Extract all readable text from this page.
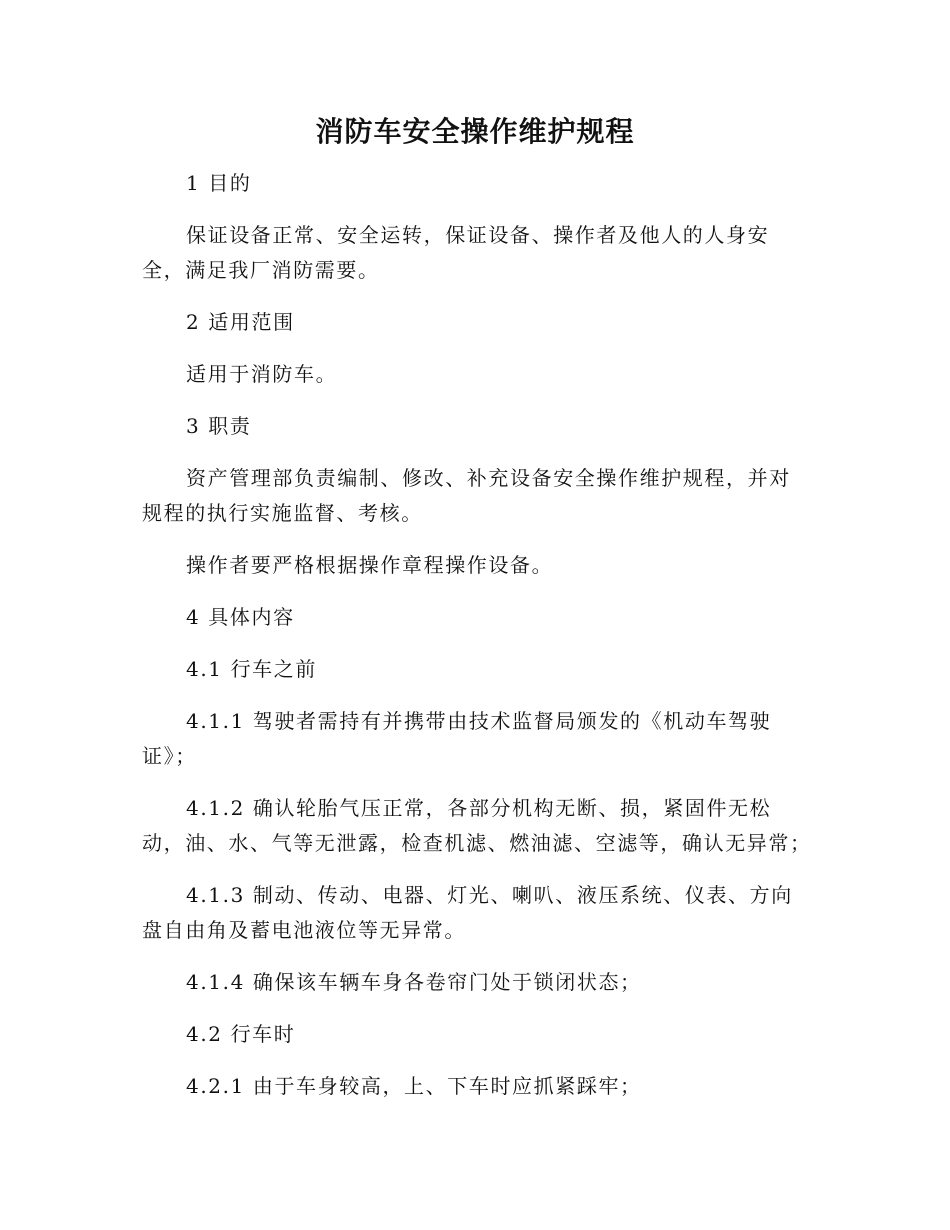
消防车安全操作维护规程

1 目的

保证设备正常、安全运转，保证设备、操作者及他人的人身安全，满足我厂消防需要。

2 适用范围

适用于消防车。

3 职责

资产管理部负责编制、修改、补充设备安全操作维护规程，并对规程的执行实施监督、考核。

操作者要严格根据操作章程操作设备。

4 具体内容

4.1 行车之前

4.1.1 驾驶者需持有并携带由技术监督局颁发的《机动车驾驶证》；

4.1.2 确认轮胎气压正常，各部分机构无断、损，紧固件无松动，油、水、气等无泄露，检查机滤、燃油滤、空滤等，确认无异常；

4.1.3 制动、传动、电器、灯光、喇叭、液压系统、仪表、方向盘自由角及蓄电池液位等无异常。

4.1.4 确保该车辆车身各卷帘门处于锁闭状态；

4.2 行车时

4.2.1 由于车身较高，上、下车时应抓紧踩牢；
